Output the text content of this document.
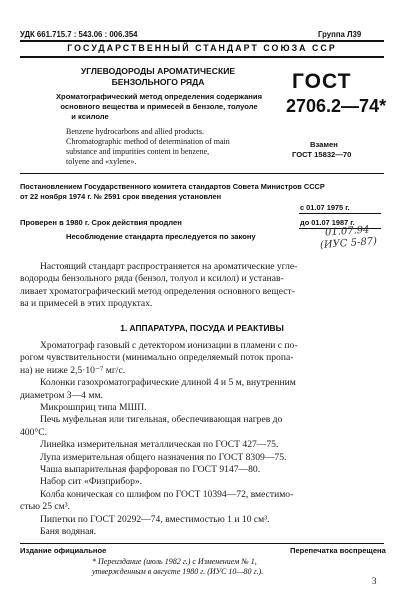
УДК 661.715.7 : 543.06 : 006.354	Группа Л39
ГОСУДАРСТВЕННЫЙ СТАНДАРТ СОЮЗА ССР
УГЛЕВОДОРОДЫ АРОМАТИЧЕСКИЕ
БЕНЗОЛЬНОГО РЯДА
Хроматографический метод определения содержания
основного вещества и примесей в бензоле, толуоле
и ксилоле
Benzene hydrocarbons and allied products.
Chromatographic method of determination of main
substance and impurities content in benzene,
tolyene and «xylene».
ГОСТ
2706.2—74*
Взамен
ГОСТ 15832—70
Постановлением Государственного комитета стандартов Совета Министров СССР
от 22 ноября 1974 г. № 2591 срок введения установлен
с 01.07 1975 г.
Проверен в 1980 г. Срок действия продлен	до 01.07 1987 г.
Несоблюдение стандарта преследуется по закону	01.07.94
(ИУС 5-87)

Настоящий стандарт распространяется на ароматические угле-

водороды бензольного ряда (бензол, толуол и ксилол) и устанав-

ливает хроматографический метод определения основного вещест-

ва и примесей в этих продуктах.

1. АППАРАТУРА, ПОСУДА И РЕАКТИВЫ

Хроматограф газовый с детектором ионизации в пламени с по-

рогом чувствительности (минимально определяемый поток пропа-

на) не ниже 2,5·10⁻⁷ мг/с.

Колонки газохроматографические длиной 4 и 5 м, внутренним

диаметром 3—4 мм.

Микрошприц типа МШП.

Печь муфельная или тигельная, обеспечивающая нагрев до

400°С.

Линейка измерительная металлическая по ГОСТ 427—75.

Лупа измерительная общего назначения по ГОСТ 8309—75.

Чаша выпарительная фарфоровая по ГОСТ 9147—80.

Набор сит «Физприбор».

Колба коническая со шлифом по ГОСТ 10394—72, вместимо-

стью 25 см³.

Пипетки по ГОСТ 20292—74, вместимостью 1 и 10 см³.

Баня водяная.

Издание официальное	Перепечатка воспрещена
* Переиздание (июль 1982 г.) с Изменением № 1,
утвержденным в августе 1980 г. (ИУС 10—80 г.).
3
